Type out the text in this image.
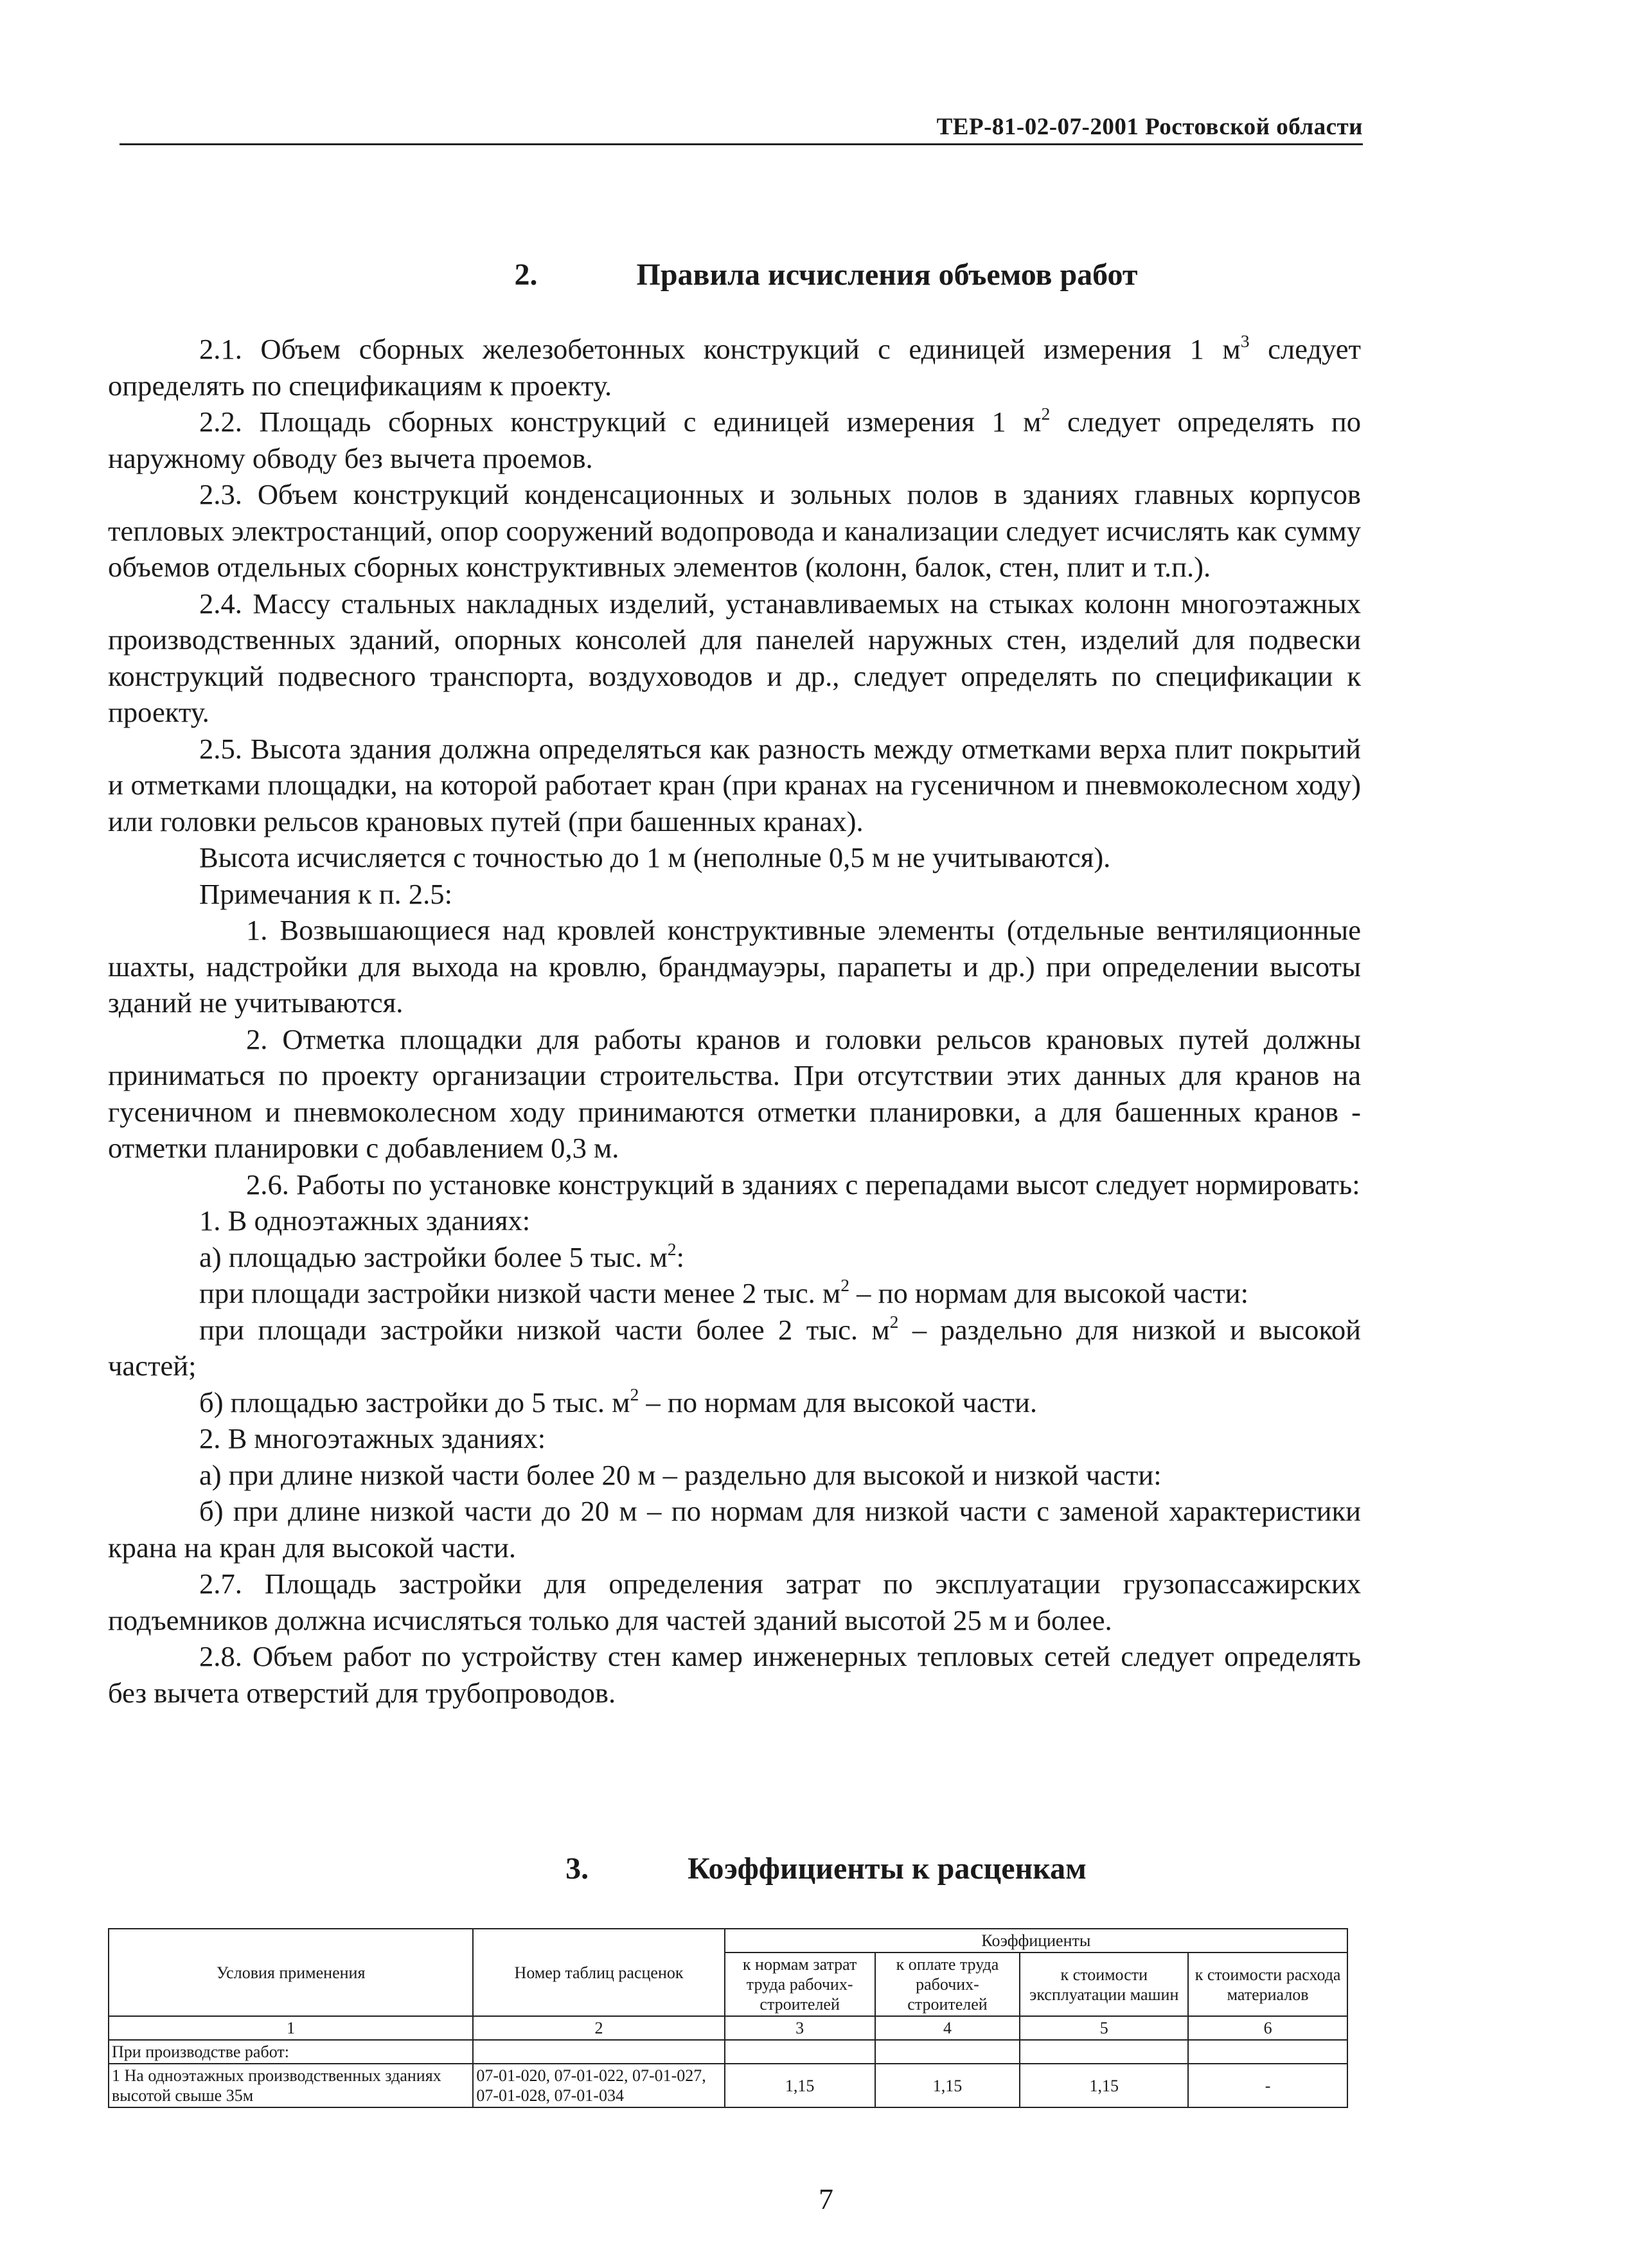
ТЕР-81-02-07-2001 Ростовской области
2.	Правила исчисления объемов работ

2.1. Объем сборных железобетонных конструкций с единицей измерения 1 $м^3$ следует определять по спецификациям к проекту.

2.2. Площадь сборных конструкций с единицей измерения 1 $м^2$ следует определять по наружному обводу без вычета проемов.

2.3. Объем конструкций конденсационных и зольных полов в зданиях главных корпусов тепловых электростанций, опор сооружений водопровода и канализации следует исчислять как сумму объемов отдельных сборных конструктивных элементов (колонн, балок, стен, плит и т.п.).

2.4. Массу стальных накладных изделий, устанавливаемых на стыках колонн многоэтажных производственных зданий, опорных консолей для панелей наружных стен, изделий для подвески конструкций подвесного транспорта, воздуховодов и др., следует определять по спецификации к проекту.

2.5. Высота здания должна определяться как разность между отметками верха плит покрытий и отметками площадки, на которой работает кран (при кранах на гусеничном и пневмоколесном ходу) или головки рельсов крановых путей (при башенных кранах).

Высота исчисляется с точностью до 1 м (неполные 0,5 м не учитываются).

Примечания к п. 2.5:

1. Возвышающиеся над кровлей конструктивные элементы (отдельные вентиляционные шахты, надстройки для выхода на кровлю, брандмауэры, парапеты и др.) при определении высоты зданий не учитываются.

2. Отметка площадки для работы кранов и головки рельсов крановых путей должны приниматься по проекту организации строительства. При отсутствии этих данных для кранов на гусеничном и пневмоколесном ходу принимаются отметки планировки, а для башенных кранов - отметки планировки с добавлением 0,3 м.

2.6. Работы по установке конструкций в зданиях с перепадами высот следует нормировать:

1. В одноэтажных зданиях:

а) площадью застройки более 5 тыс. $м^2$:

при площади застройки низкой части менее 2 тыс. $м^2$ – по нормам для высокой части:

при площади застройки низкой части более 2 тыс. $м^2$ – раздельно для низкой и высокой частей;

б) площадью застройки до 5 тыс. $м^2$ – по нормам для высокой части.

2. В многоэтажных зданиях:

а) при длине низкой части более 20 м – раздельно для высокой и низкой части:

б) при длине низкой части до 20 м – по нормам для низкой части с заменой характеристики крана на кран для высокой части.

2.7. Площадь застройки для определения затрат по эксплуатации грузопассажирских подъемников должна исчисляться только для частей зданий высотой 25 м и более.

2.8. Объем работ по устройству стен камер инженерных тепловых сетей следует определять без вычета отверстий для трубопроводов.

3.	Коэффициенты к расценкам
Условия применения	Номер таблиц расценок	Коэффициенты			
		к нормам затрат труда рабочих-строителей	к оплате труда рабочих-строителей	к стоимости эксплуатации машин	к стоимости расхода материалов
1	2	3	4	5	6
При производстве работ:					
1 На одноэтажных производственных зданиях высотой свыше 35м	07-01-020, 07-01-022, 07-01-027, 07-01-028, 07-01-034	1,15	1,15	1,15	-
7
